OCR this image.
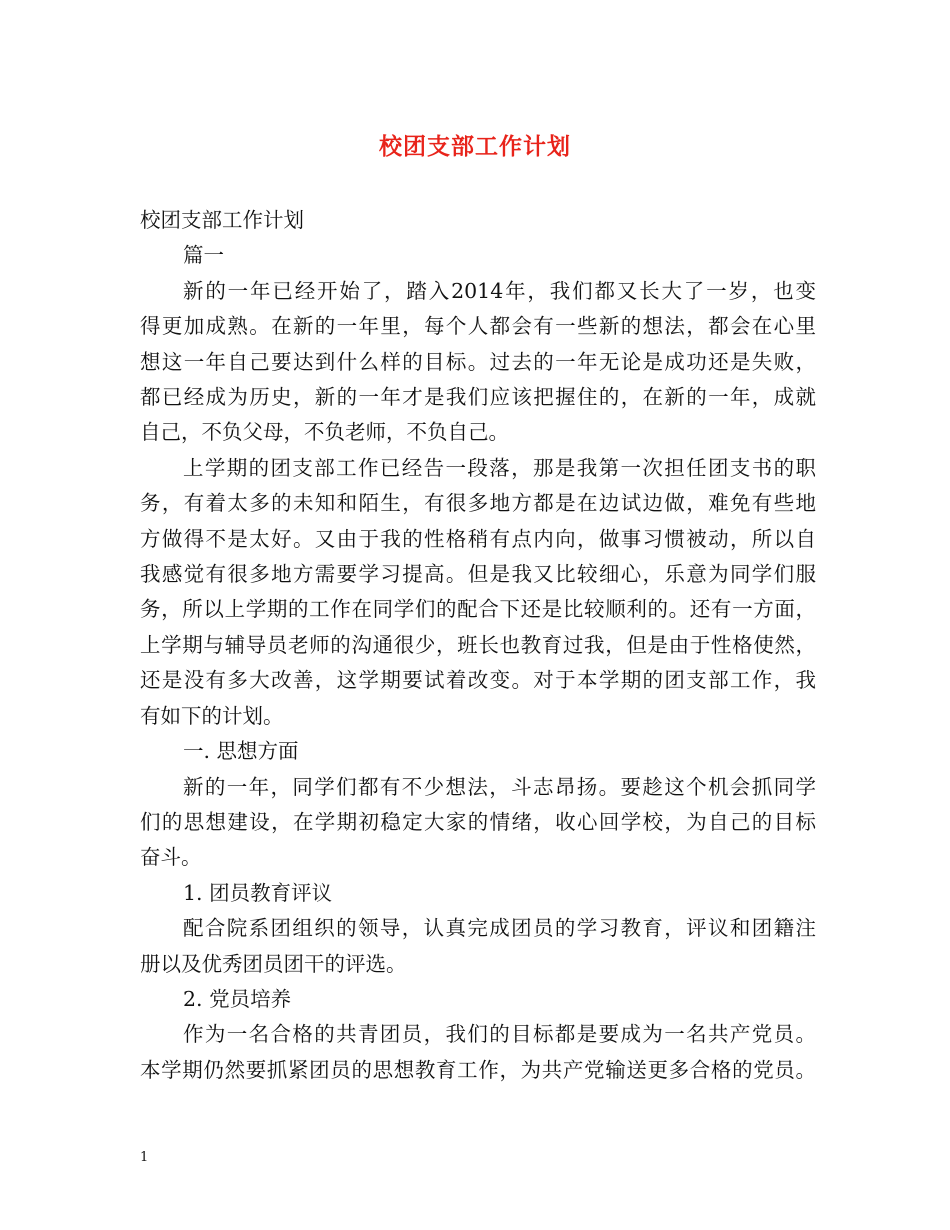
校团支部工作计划
校团支部工作计划
篇一
新的一年已经开始了，踏入2014年，我们都又长大了一岁，也变
得更加成熟。在新的一年里，每个人都会有一些新的想法，都会在心里
想这一年自己要达到什么样的目标。过去的一年无论是成功还是失败，
都已经成为历史，新的一年才是我们应该把握住的，在新的一年，成就
自己，不负父母，不负老师，不负自己。
上学期的团支部工作已经告一段落，那是我第一次担任团支书的职
务，有着太多的未知和陌生，有很多地方都是在边试边做，难免有些地
方做得不是太好。又由于我的性格稍有点内向，做事习惯被动，所以自
我感觉有很多地方需要学习提高。但是我又比较细心，乐意为同学们服
务，所以上学期的工作在同学们的配合下还是比较顺利的。还有一方面，
上学期与辅导员老师的沟通很少，班长也教育过我，但是由于性格使然，
还是没有多大改善，这学期要试着改变。对于本学期的团支部工作，我
有如下的计划。
一. 思想方面
新的一年，同学们都有不少想法，斗志昂扬。要趁这个机会抓同学
们的思想建设，在学期初稳定大家的情绪，收心回学校，为自己的目标
奋斗。
1. 团员教育评议
配合院系团组织的领导，认真完成团员的学习教育，评议和团籍注
册以及优秀团员团干的评选。
2. 党员培养
作为一名合格的共青团员，我们的目标都是要成为一名共产党员。
本学期仍然要抓紧团员的思想教育工作，为共产党输送更多合格的党员。
1
